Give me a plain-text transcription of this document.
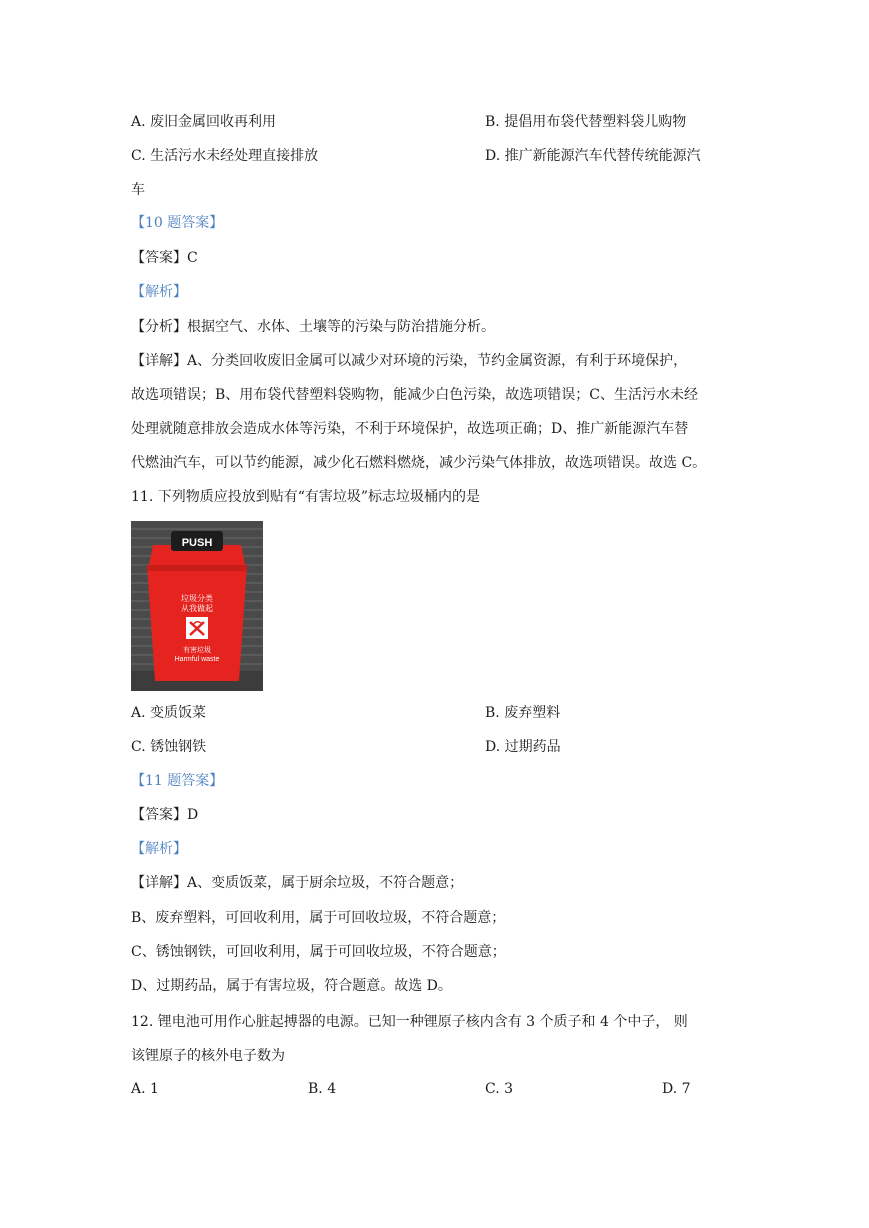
A. 废旧金属回收再利用	B. 提倡用布袋代替塑料袋儿购物
C. 生活污水未经处理直接排放	D. 推广新能源汽车代替传统能源汽
车
【10 题答案】
【答案】C
【解析】
【分析】根据空气、水体、土壤等的污染与防治措施分析。
【详解】A、分类回收废旧金属可以减少对环境的污染，节约金属资源，有利于环境保护，
故选项错误；B、用布袋代替塑料袋购物，能减少白色污染，故选项错误；C、生活污水未经
处理就随意排放会造成水体等污染，不利于环境保护，故选项正确；D、推广新能源汽车替
代燃油汽车，可以节约能源，减少化石燃料燃烧，减少污染气体排放，故选项错误。故选 C。
11. 下列物质应投放到贴有“有害垃圾”标志垃圾桶内的是
PUSH
垃圾分类
从我做起
有害垃圾
Harmful waste
A. 变质饭菜	B. 废弃塑料
C. 锈蚀钢铁	D. 过期药品
【11 题答案】
【答案】D
【解析】
【详解】A、变质饭菜，属于厨余垃圾，不符合题意；
B、废弃塑料，可回收利用，属于可回收垃圾，不符合题意；
C、锈蚀钢铁，可回收利用，属于可回收垃圾，不符合题意；
D、过期药品，属于有害垃圾，符合题意。故选 D。
12. 锂电池可用作心脏起搏器的电源。已知一种锂原子核内含有 3 个质子和 4 个中子， 则
该锂原子的核外电子数为
A. 1	B. 4	C. 3	D. 7
